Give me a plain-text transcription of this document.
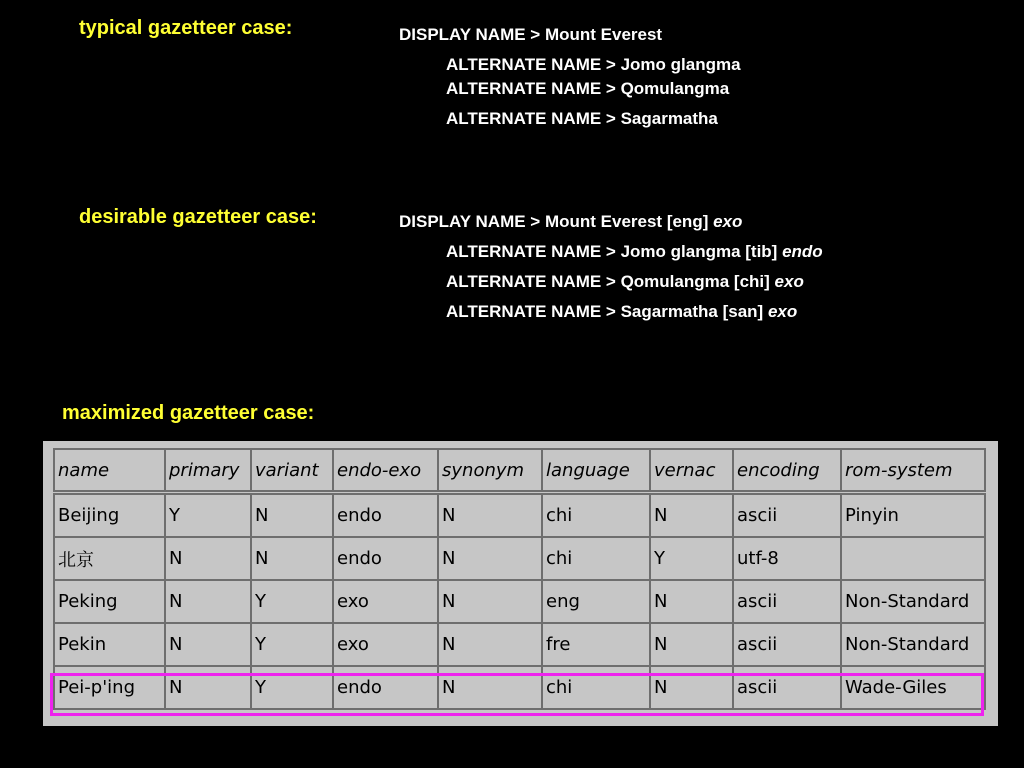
typical gazetteer case:	DISPLAY NAME > Mount Everest
ALTERNATE NAME > Jomo glangma
ALTERNATE NAME > Qomulangma
ALTERNATE NAME > Sagarmatha
desirable gazetteer case:	DISPLAY NAME > Mount Everest [eng] exo
ALTERNATE NAME > Jomo glangma [tib] endo
ALTERNATE NAME > Qomulangma [chi] exo
ALTERNATE NAME > Sagarmatha [san] exo
maximized gazetteer case:
name	primary	variant	endo-exo	synonym	language	vernac	encoding	rom-system
Beijing	Y	N	endo	N	chi	N	ascii	Pinyin
北京	N	N	endo	N	chi	Y	utf-8	
Peking	N	Y	exo	N	eng	N	ascii	Non-Standard
Pekin	N	Y	exo	N	fre	N	ascii	Non-Standard
Pei-p'ing	N	Y	endo	N	chi	N	ascii	Wade-Giles
